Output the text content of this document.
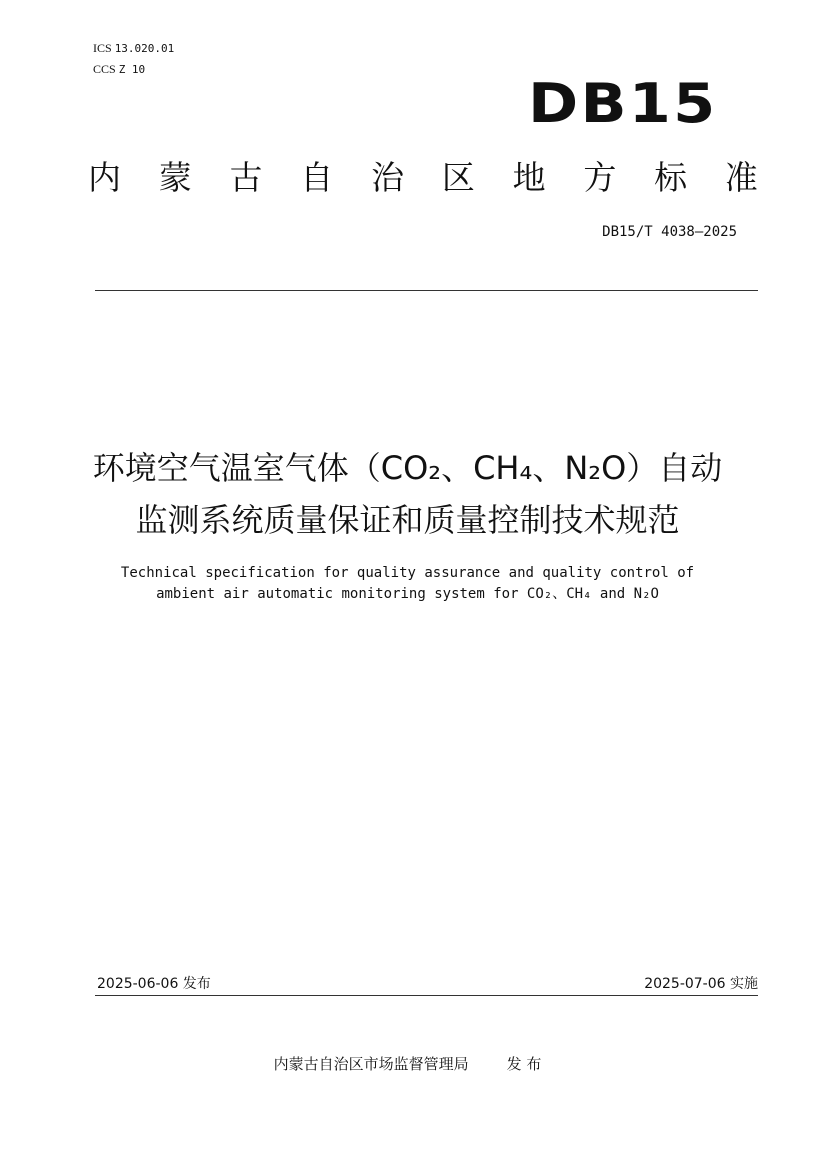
ICS 13.020.01
CCS Z 10
DB15
内 蒙 古 自 治 区 地 方 标 准
DB15/T 4038—2025
环境空气温室气体（CO₂、CH₄、N₂O）自动
监测系统质量保证和质量控制技术规范
Technical specification for quality assurance and quality control of
ambient air automatic monitoring system for CO₂、CH₄ and N₂O
2025-06-06 发布	2025-07-06 实施
内蒙古自治区市场监督管理局	发 布
